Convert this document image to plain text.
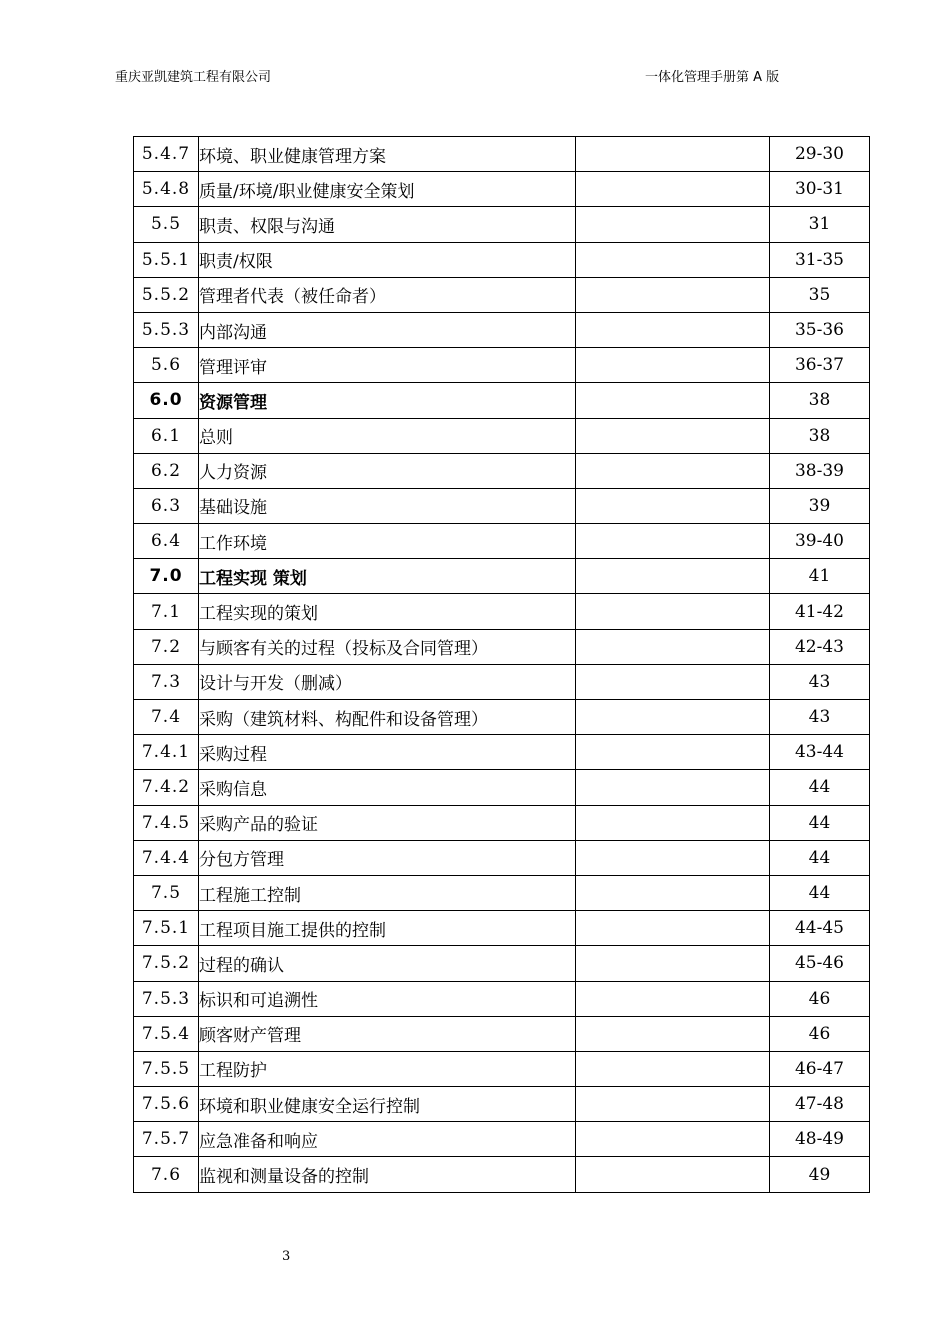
重庆亚凯建筑工程有限公司	一体化管理手册第 A 版
5.4.7	环境、职业健康管理方案		29-30
5.4.8	质量/环境/职业健康安全策划		30-31
5.5	职责、权限与沟通		31
5.5.1	职责/权限		31-35
5.5.2	管理者代表（被任命者）		35
5.5.3	内部沟通		35-36
5.6	管理评审		36-37
6.0	资源管理		38
6.1	总则		38
6.2	人力资源		38-39
6.3	基础设施		39
6.4	工作环境		39-40
7.0	工程实现 策划		41
7.1	工程实现的策划		41-42
7.2	与顾客有关的过程（投标及合同管理）		42-43
7.3	设计与开发（删减）		43
7.4	采购（建筑材料、构配件和设备管理）		43
7.4.1	采购过程		43-44
7.4.2	采购信息		44
7.4.5	采购产品的验证		44
7.4.4	分包方管理		44
7.5	工程施工控制		44
7.5.1	工程项目施工提供的控制		44-45
7.5.2	过程的确认		45-46
7.5.3	标识和可追溯性		46
7.5.4	顾客财产管理		46
7.5.5	工程防护		46-47
7.5.6	环境和职业健康安全运行控制		47-48
7.5.7	应急准备和响应		48-49
7.6	监视和测量设备的控制		49
3
